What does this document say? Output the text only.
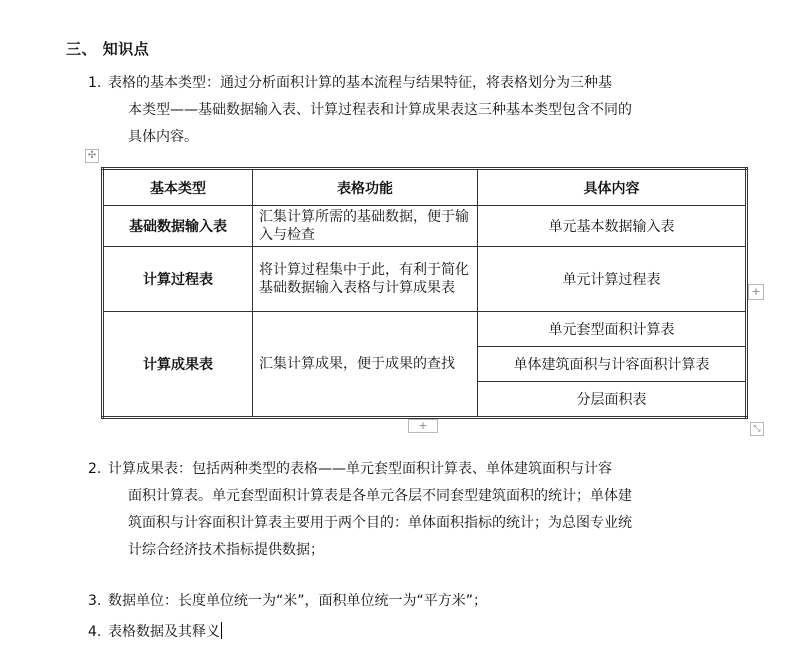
三、 知识点
1. 表格的基本类型：通过分析面积计算的基本流程与结果特征，将表格划分为三种基
本类型——基础数据输入表、计算过程表和计算成果表这三种基本类型包含不同的
具体内容。
✣
基本类型	表格功能	具体内容
基础数据输入表	汇集计算所需的基础数据，便于输入与检查	单元基本数据输入表
计算过程表	将计算过程集中于此，有利于简化基础数据输入表格与计算成果表	单元计算过程表
计算成果表	汇集计算成果，便于成果的查找	单元套型面积计算表
		单体建筑面积与计容面积计算表
		分层面积表
+
+	⤡
2. 计算成果表：包括两种类型的表格——单元套型面积计算表、单体建筑面积与计容
面积计算表。单元套型面积计算表是各单元各层不同套型建筑面积的统计；单体建
筑面积与计容面积计算表主要用于两个目的：单体面积指标的统计；为总图专业统
计综合经济技术指标提供数据；
3. 数据单位：长度单位统一为“米”，面积单位统一为“平方米”；
4. 表格数据及其释义
